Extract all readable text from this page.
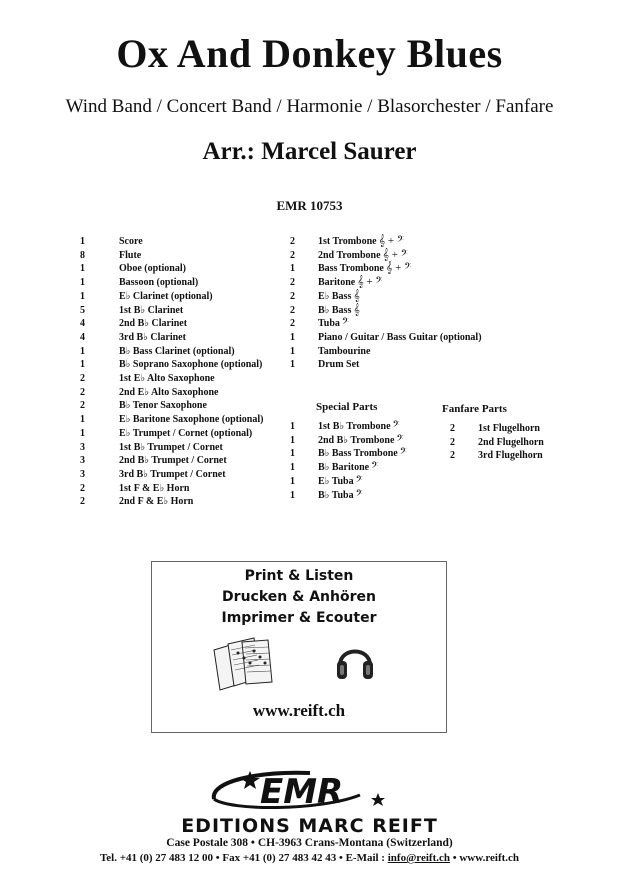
Ox And Donkey Blues
Wind Band / Concert Band / Harmonie / Blasorchester / Fanfare
Arr.: Marcel Saurer
EMR 10753
1	Score
8	Flute
1	Oboe (optional)
1	Bassoon (optional)
1	E♭ Clarinet (optional)
5	1st B♭ Clarinet
4	2nd B♭ Clarinet
4	3rd B♭ Clarinet
1	B♭ Bass Clarinet (optional)
1	B♭ Soprano Saxophone (optional)
2	1st E♭ Alto Saxophone
2	2nd E♭ Alto Saxophone
2	B♭ Tenor Saxophone
1	E♭ Baritone Saxophone (optional)
1	E♭ Trumpet / Cornet (optional)
3	1st B♭ Trumpet / Cornet
3	2nd B♭ Trumpet / Cornet
3	3rd B♭ Trumpet / Cornet
2	1st F & E♭ Horn
2	2nd F & E♭ Horn
2	1st Trombone 𝄞 + 𝄢
2	2nd Trombone 𝄞 + 𝄢
1	Bass Trombone 𝄞 + 𝄢
2	Baritone 𝄞 + 𝄢
2	E♭ Bass 𝄞
2	B♭ Bass 𝄞
2	Tuba 𝄢
1	Piano / Guitar / Bass Guitar (optional)
1	Tambourine
1	Drum Set
Special Parts	Fanfare Parts
1	1st B♭ Trombone 𝄢
1	2nd B♭ Trombone 𝄢
1	B♭ Bass Trombone 𝄢
1	B♭ Baritone 𝄢
1	E♭ Tuba 𝄢
1	B♭ Tuba 𝄢
2	1st Flugelhorn
2	2nd Flugelhorn
2	3rd Flugelhorn
Print & Listen
Drucken & Anhören
Imprimer & Ecouter
www.reift.ch
EMR
EDITIONS MARC REIFT
Case Postale 308 • CH-3963 Crans-Montana (Switzerland)
Tel. +41 (0) 27 483 12 00 • Fax +41 (0) 27 483 42 43 • E-Mail : info@reift.ch • www.reift.ch
